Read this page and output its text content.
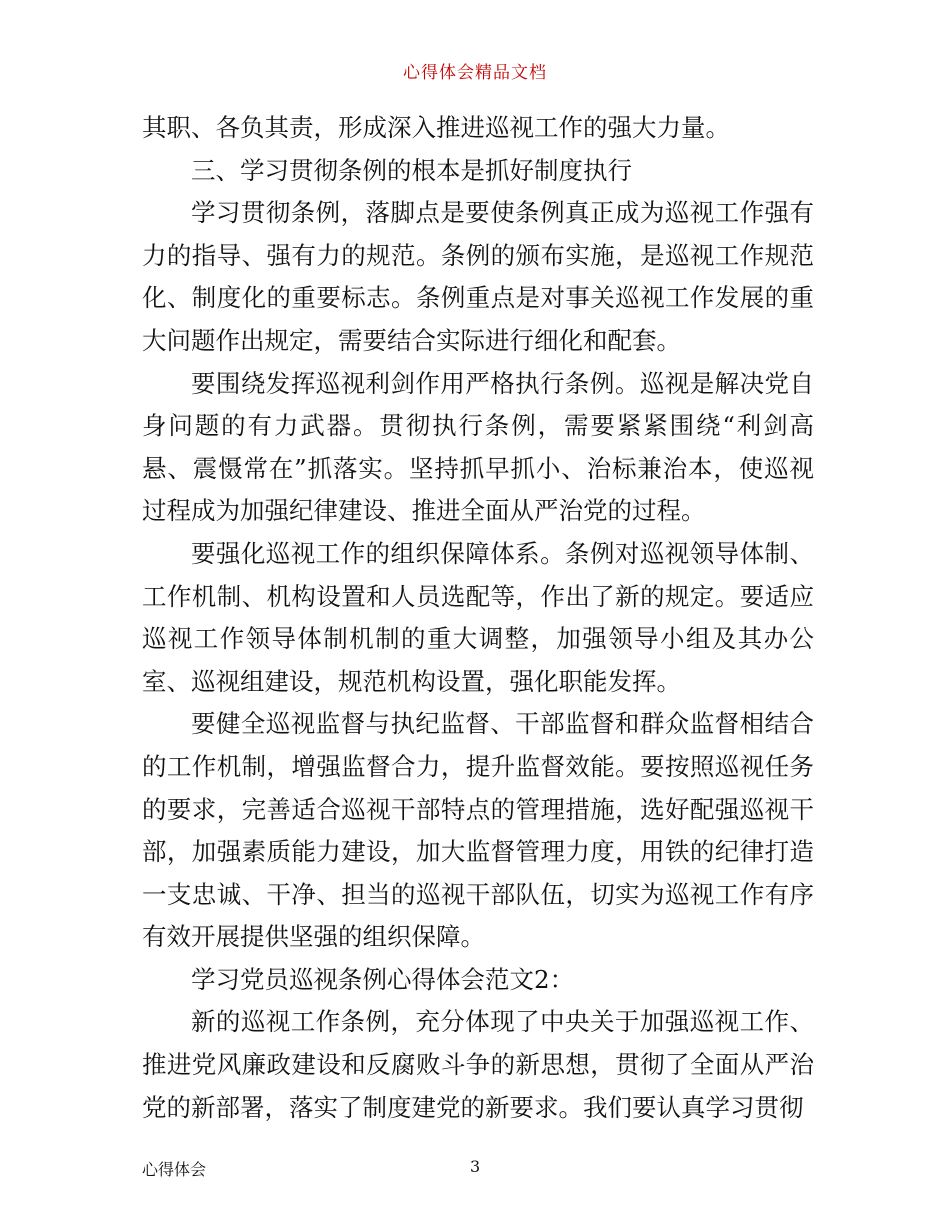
心得体会精品文档

其职、各负其责，形成深入推进巡视工作的强大力量。

三、学习贯彻条例的根本是抓好制度执行

学习贯彻条例，落脚点是要使条例真正成为巡视工作强有力的指导、强有力的规范。条例的颁布实施，是巡视工作规范化、制度化的重要标志。条例重点是对事关巡视工作发展的重大问题作出规定，需要结合实际进行细化和配套。

要围绕发挥巡视利剑作用严格执行条例。巡视是解决党自身问题的有力武器。贯彻执行条例，需要紧紧围绕“利剑高悬、震慑常在”抓落实。坚持抓早抓小、治标兼治本，使巡视过程成为加强纪律建设、推进全面从严治党的过程。

要强化巡视工作的组织保障体系。条例对巡视领导体制、工作机制、机构设置和人员选配等，作出了新的规定。要适应巡视工作领导体制机制的重大调整，加强领导小组及其办公室、巡视组建设，规范机构设置，强化职能发挥。

要健全巡视监督与执纪监督、干部监督和群众监督相结合的工作机制，增强监督合力，提升监督效能。要按照巡视任务的要求，完善适合巡视干部特点的管理措施，选好配强巡视干部，加强素质能力建设，加大监督管理力度，用铁的纪律打造一支忠诚、干净、担当的巡视干部队伍，切实为巡视工作有序有效开展提供坚强的组织保障。

学习党员巡视条例心得体会范文2：

新的巡视工作条例，充分体现了中央关于加强巡视工作、推进党风廉政建设和反腐败斗争的新思想，贯彻了全面从严治党的新部署，落实了制度建党的新要求。我们要认真学习贯彻

心得体会	3
